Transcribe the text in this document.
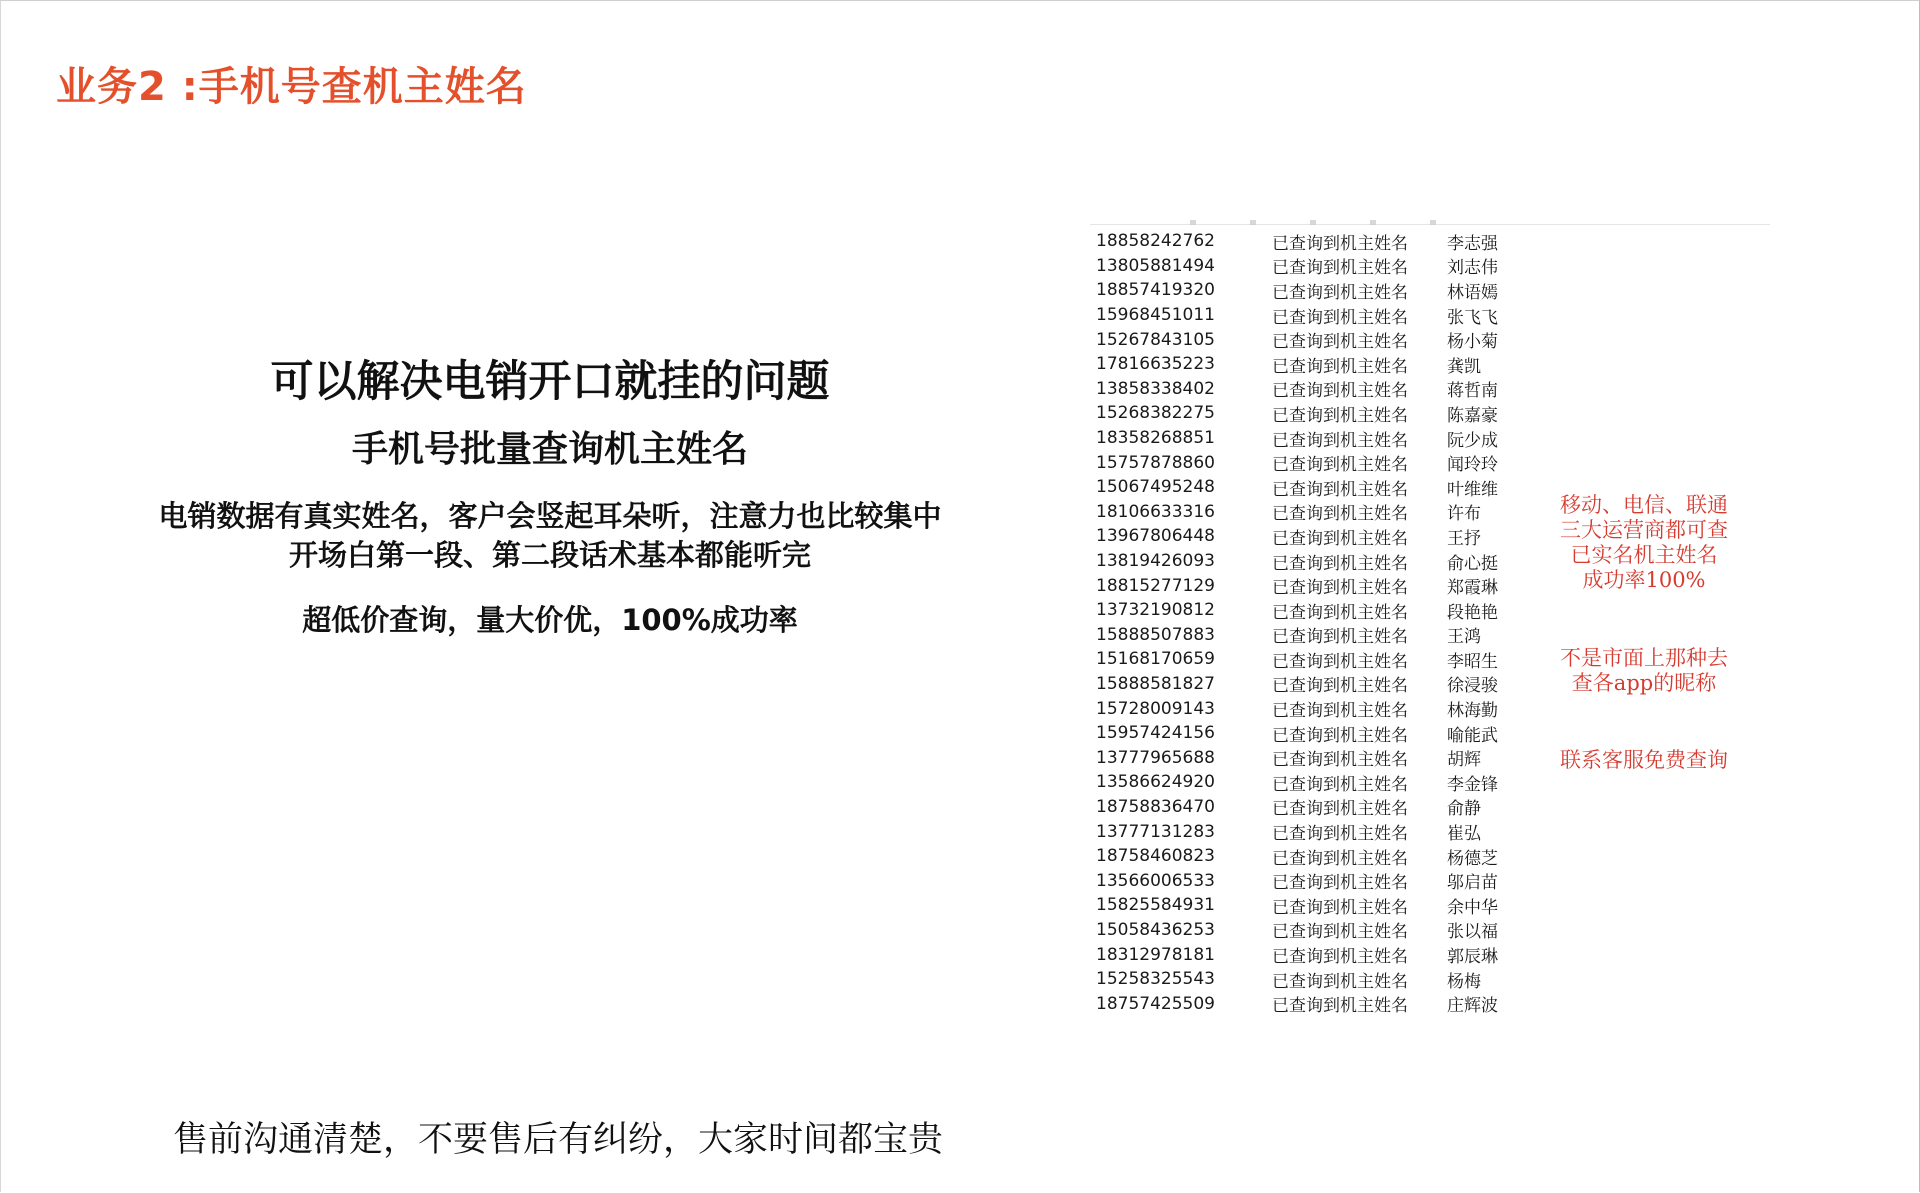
业务2 :手机号查机主姓名
可以解决电销开口就挂的问题
手机号批量查询机主姓名
电销数据有真实姓名，客户会竖起耳朵听，注意力也比较集中
开场白第一段、第二段话术基本都能听完
超低价查询，量大价优，100%成功率
18858242762	已查询到机主姓名	李志强
13805881494	已查询到机主姓名	刘志伟
18857419320	已查询到机主姓名	林语嫣
15968451011	已查询到机主姓名	张飞飞
15267843105	已查询到机主姓名	杨小菊
17816635223	已查询到机主姓名	龚凯
13858338402	已查询到机主姓名	蒋哲南
15268382275	已查询到机主姓名	陈嘉豪
18358268851	已查询到机主姓名	阮少成
15757878860	已查询到机主姓名	闻玲玲
15067495248	已查询到机主姓名	叶维维
18106633316	已查询到机主姓名	许布
13967806448	已查询到机主姓名	王抒
13819426093	已查询到机主姓名	俞心挺
18815277129	已查询到机主姓名	郑霞琳
13732190812	已查询到机主姓名	段艳艳
15888507883	已查询到机主姓名	王鸿
15168170659	已查询到机主姓名	李昭生
15888581827	已查询到机主姓名	徐浸骏
15728009143	已查询到机主姓名	林海勤
15957424156	已查询到机主姓名	喻能武
13777965688	已查询到机主姓名	胡辉
13586624920	已查询到机主姓名	李金锋
18758836470	已查询到机主姓名	俞静
13777131283	已查询到机主姓名	崔弘
18758460823	已查询到机主姓名	杨德芝
13566006533	已查询到机主姓名	邬启苗
15825584931	已查询到机主姓名	余中华
15058436253	已查询到机主姓名	张以福
18312978181	已查询到机主姓名	郭辰琳
15258325543	已查询到机主姓名	杨梅
18757425509	已查询到机主姓名	庄辉波
移动、电信、联通
三大运营商都可查
已实名机主姓名
成功率100%
不是市面上那种去
查各app的昵称
联系客服免费查询
售前沟通清楚，不要售后有纠纷，大家时间都宝贵
